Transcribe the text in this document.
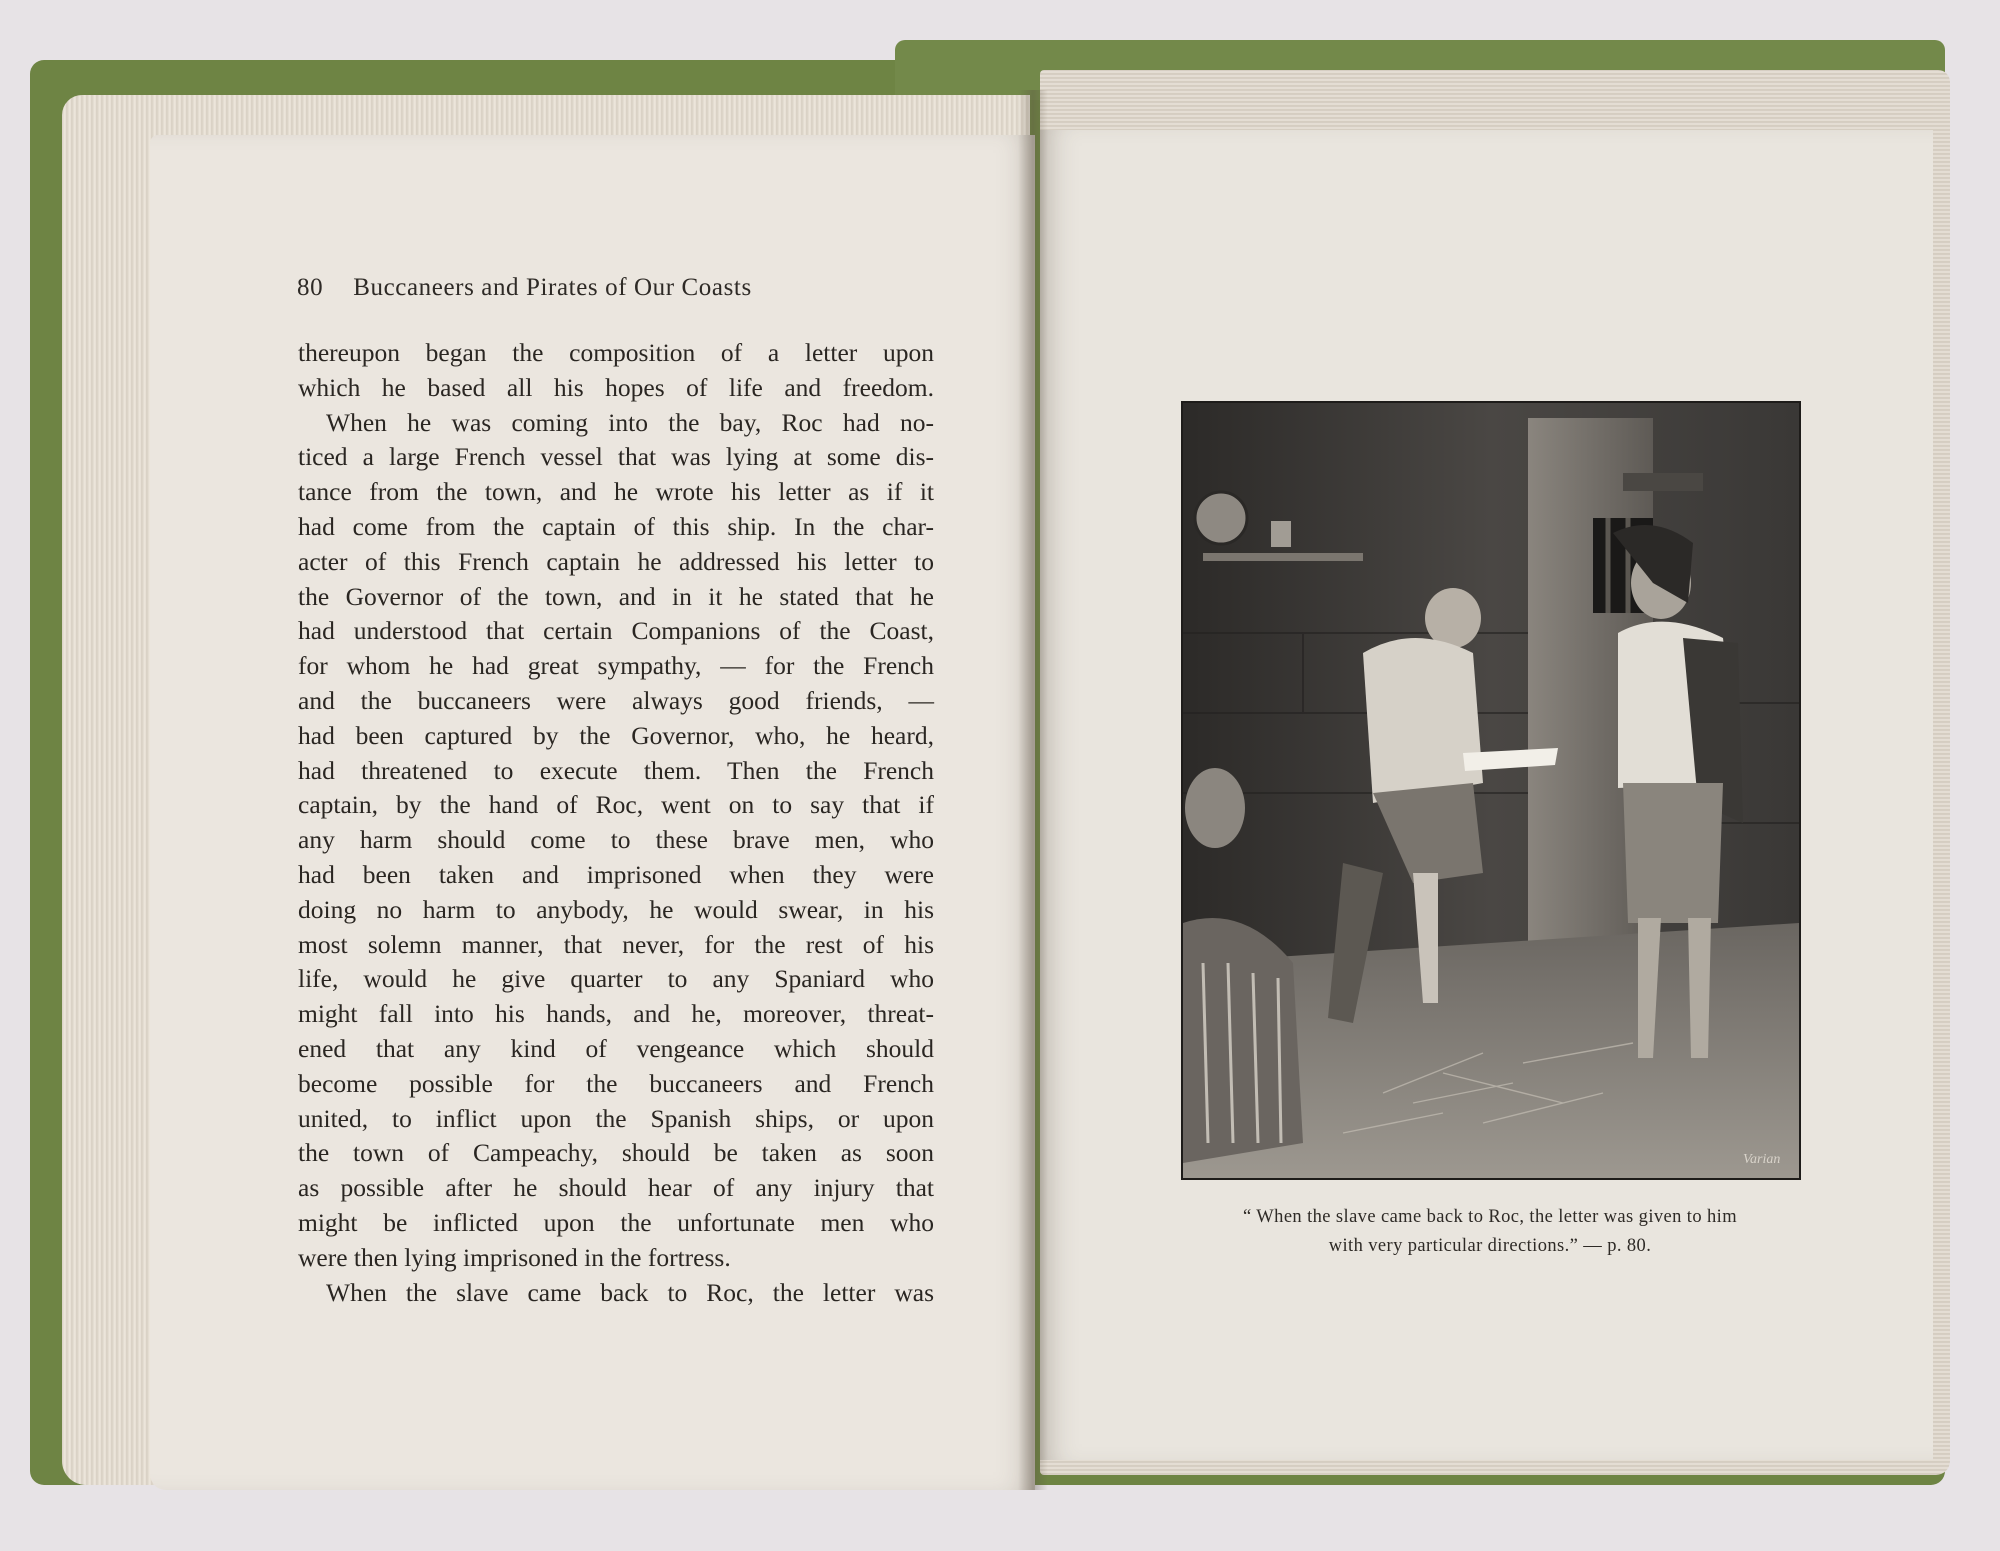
80 Buccaneers and Pirates of Our Coasts
thereupon began the composition of a letter upon
which he based all his hopes of life and freedom.
When he was coming into the bay, Roc had no-
ticed a large French vessel that was lying at some dis-
tance from the town, and he wrote his letter as if it
had come from the captain of this ship. In the char-
acter of this French captain he addressed his letter to
the Governor of the town, and in it he stated that he
had understood that certain Companions of the Coast,
for whom he had great sympathy, — for the French
and the buccaneers were always good friends, —
had been captured by the Governor, who, he heard,
had threatened to execute them. Then the French
captain, by the hand of Roc, went on to say that if
any harm should come to these brave men, who
had been taken and imprisoned when they were
doing no harm to anybody, he would swear, in his
most solemn manner, that never, for the rest of his
life, would he give quarter to any Spaniard who
might fall into his hands, and he, moreover, threat-
ened that any kind of vengeance which should
become possible for the buccaneers and French
united, to inflict upon the Spanish ships, or upon
the town of Campeachy, should be taken as soon
as possible after he should hear of any injury that
might be inflicted upon the unfortunate men who
were then lying imprisoned in the fortress.
When the slave came back to Roc, the letter was
Varian
“ When the slave came back to Roc, the letter was given to him
with very particular directions.” — p. 80.
